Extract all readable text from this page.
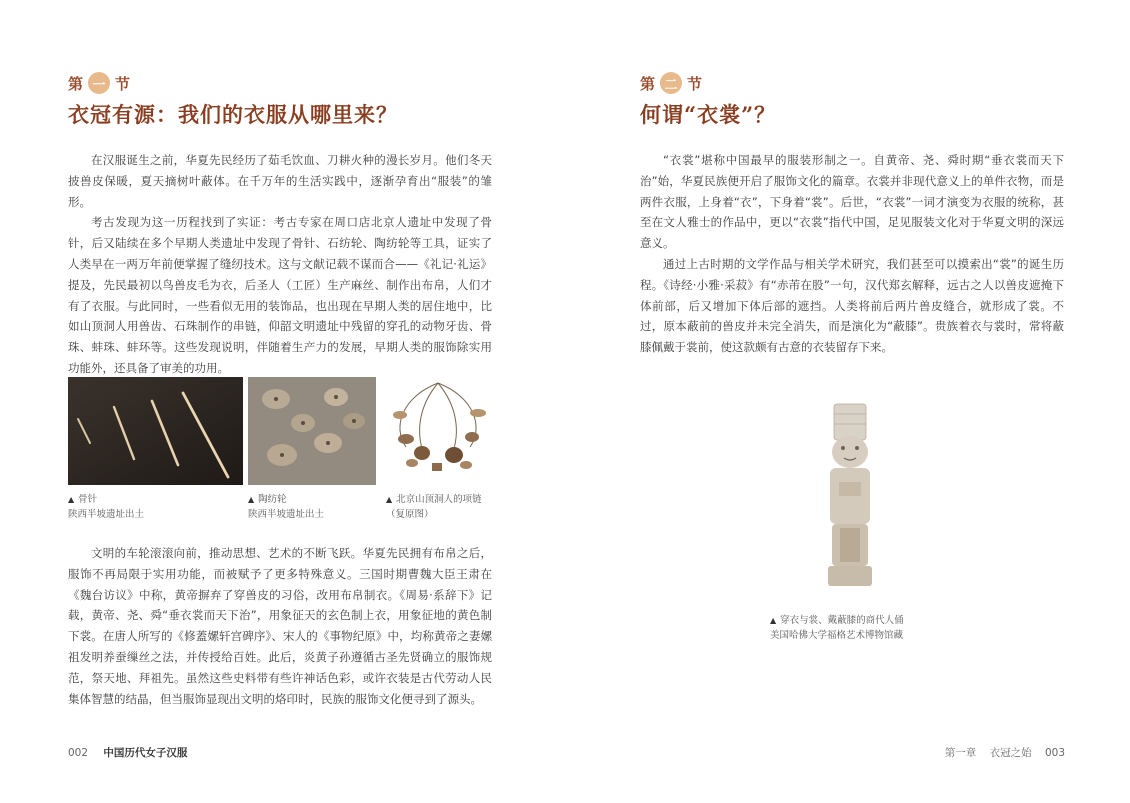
第 一 节
衣冠有源：我们的衣服从哪里来？

在汉服诞生之前，华夏先民经历了茹毛饮血、刀耕火种的漫长岁月。他们冬天披兽皮保暖，夏天摘树叶蔽体。在千万年的生活实践中，逐渐孕育出“服装”的雏形。

考古发现为这一历程找到了实证：考古专家在周口店北京人遗址中发现了骨针，后又陆续在多个早期人类遗址中发现了骨针、石纺轮、陶纺轮等工具，证实了人类早在一两万年前便掌握了缝纫技术。这与文献记载不谋而合——《礼记·礼运》提及，先民最初以鸟兽皮毛为衣，后圣人（工匠）生产麻丝、制作出布帛，人们才有了衣服。与此同时，一些看似无用的装饰品，也出现在早期人类的居住地中，比如山顶洞人用兽齿、石珠制作的串链，仰韶文明遗址中残留的穿孔的动物牙齿、骨珠、蚌珠、蚌环等。这些发现说明，伴随着生产力的发展，早期人类的服饰除实用功能外，还具备了审美的功用。

▲ 骨针
陕西半坡遗址出土
▲ 陶纺轮
陕西半坡遗址出土
▲ 北京山顶洞人的项链
（复原图）

文明的车轮滚滚向前，推动思想、艺术的不断飞跃。华夏先民拥有布帛之后，服饰不再局限于实用功能，而被赋予了更多特殊意义。三国时期曹魏大臣王肃在《魏台访议》中称，黄帝摒弃了穿兽皮的习俗，改用布帛制衣。《周易·系辞下》记载，黄帝、尧、舜“垂衣裳而天下治”，用象征天的玄色制上衣，用象征地的黄色制下裳。在唐人所写的《修蓋嫘轩宫碑序》、宋人的《事物纪原》中，均称黄帝之妻嫘祖发明养蚕缫丝之法，并传授给百姓。此后，炎黄子孙遵循古圣先贤确立的服饰规范，祭天地、拜祖先。虽然这些史料带有些许神话色彩，或许衣装是古代劳动人民集体智慧的结晶，但当服饰显现出文明的烙印时，民族的服饰文化便寻到了源头。

002 中国历代女子汉服
第 二 节
何谓“衣裳”？

“衣裳”堪称中国最早的服装形制之一。自黄帝、尧、舜时期“垂衣裳而天下治”始，华夏民族便开启了服饰文化的篇章。衣裳并非现代意义上的单件衣物，而是两件衣服，上身着“衣”，下身着“裳”。后世，“衣裳”一词才演变为衣服的统称，甚至在文人雅士的作品中，更以“衣裳”指代中国，足见服装文化对于华夏文明的深远意义。

通过上古时期的文学作品与相关学术研究，我们甚至可以摸索出“裳”的诞生历程。《诗经·小雅·采菽》有“赤芾在股”一句，汉代郑玄解释，远古之人以兽皮遮掩下体前部，后又增加下体后部的遮挡。人类将前后两片兽皮缝合，就形成了裳。不过，原本蔽前的兽皮并未完全消失，而是演化为“蔽膝”。贵族着衣与裳时，常将蔽膝佩戴于裳前，使这款颇有古意的衣装留存下来。

▲ 穿衣与裳、戴蔽膝的商代人俑
美国哈佛大学福格艺术博物馆藏
第一章 衣冠之始 003
